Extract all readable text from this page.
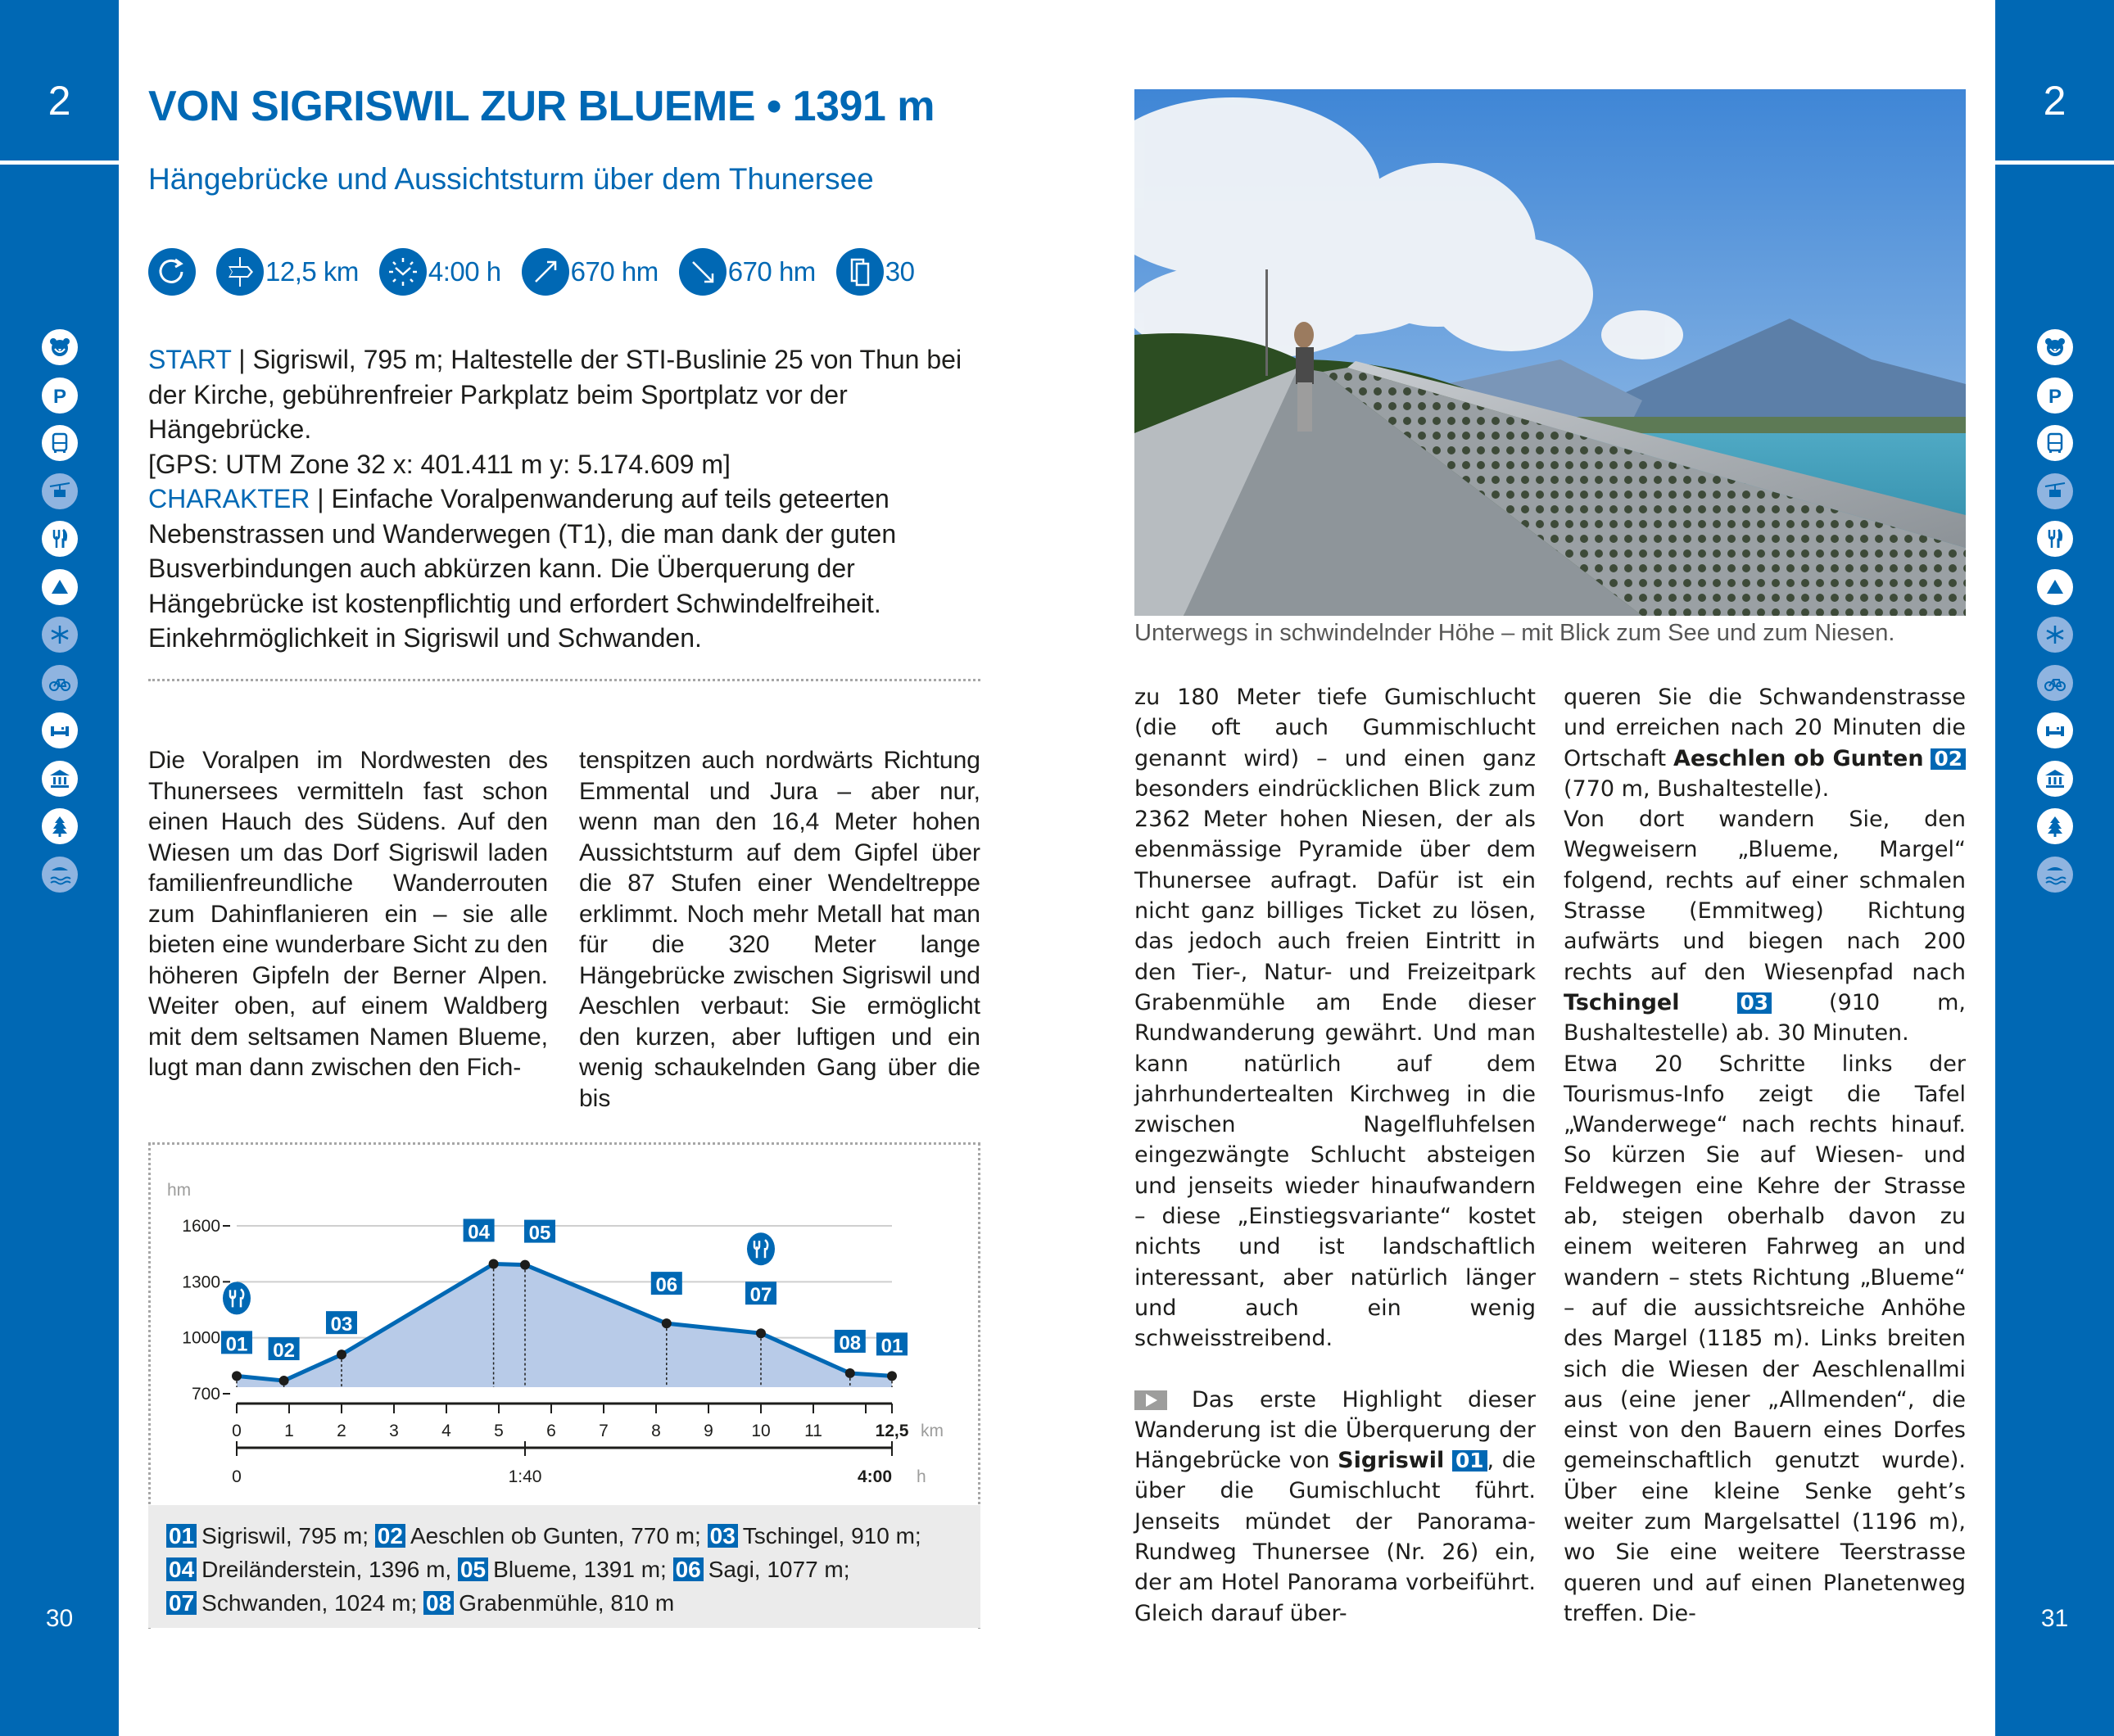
2
P
30
2
P
31
VON SIGRISWIL ZUR BLUEME • 1391 m
Hängebrücke und Aussichtsturm über dem Thunersee
12,5 km	4:00 h	670 hm	670 hm	30
START | Sigriswil, 795 m; Haltestelle der STI-Buslinie 25 von Thun bei der Kirche, gebührenfreier Parkplatz beim Sportplatz vor der Hängebrücke.
[GPS: UTM Zone 32 x: 401.411 m y: 5.174.609 m]
CHARAKTER | Einfache Voralpenwanderung auf teils geteerten Nebenstrassen und Wanderwegen (T1), die man dank der guten Busverbindungen auch abkürzen kann. Die Überquerung der Hängebrücke ist kostenpflichtig und erfordert Schwindelfreiheit. Einkehrmöglichkeit in Sigriswil und Schwanden.

Die Voralpen im Nordwesten des Thunersees vermitteln fast schon einen Hauch des Südens. Auf den Wiesen um das Dorf Sigriswil laden familienfreundliche Wanderrouten zum Dahinflanieren ein – sie alle bieten eine wunderbare Sicht zu den höheren Gipfeln der Berner Alpen. Weiter oben, auf einem Waldberg mit dem seltsamen Namen Blueme, lugt man dann zwischen den Fich-

tenspitzen auch nordwärts Richtung Emmental und Jura – aber nur, wenn man den 16,4 Meter hohen Aussichtsturm auf dem Gipfel über die 87 Stufen einer Wendeltreppe erklimmt. Noch mehr Metall hat man für die 320 Meter lange Hängebrücke zwischen Sigriswil und Aeschlen verbaut: Sie ermöglicht den kurzen, aber luftigen und ein wenig schaukelnden Gang über die bis

hm
700
1000
1300
1600
01 02
03
04 05
06	07
08 01
0 1 2 3 4 5 6 7 8 9 10 11	12,5 km
0	1:40	4:00 h
01 Sigriswil, 795 m; 02 Aeschlen ob Gunten, 770 m; 03 Tschingel, 910 m;
04 Dreiländerstein, 1396 m, 05 Blueme, 1391 m; 06 Sagi, 1077 m;
07 Schwanden, 1024 m; 08 Grabenmühle, 810 m
Unterwegs in schwindelnder Höhe – mit Blick zum See und zum Niesen.

zu 180 Meter tiefe Gumischlucht (die oft auch Gummischlucht genannt wird) – und einen ganz besonders eindrücklichen Blick zum 2362 Meter hohen Niesen, der als ebenmässige Pyramide über dem Thunersee aufragt. Dafür ist ein nicht ganz billiges Ticket zu lösen, das jedoch auch freien Eintritt in den Tier-, Natur- und Freizeitpark Grabenmühle am Ende dieser Rundwanderung gewährt. Und man kann natürlich auf dem jahrhundertealten Kirchweg in die zwischen Nagelfluhfelsen eingezwängte Schlucht absteigen und jenseits wieder hinaufwandern – diese „Einstiegsvariante“ kostet nichts und ist landschaftlich interessant, aber natürlich länger und auch ein wenig schweisstreibend.

Das erste Highlight dieser Wanderung ist die Überquerung der Hängebrücke von Sigriswil 01 , die über die Gumischlucht führt. Jenseits mündet der Panorama-Rundweg Thunersee (Nr. 26) ein, der am Hotel Panorama vorbeiführt. Gleich darauf über-

queren Sie die Schwandenstrasse und erreichen nach 20 Minuten die Ortschaft Aeschlen ob Gunten 02 (770 m, Bushaltestelle).

Von dort wandern Sie, den Wegweisern „Blueme, Margel“ folgend, rechts auf einer schmalen Strasse (Emmitweg) Richtung aufwärts und biegen nach 200 rechts auf den Wiesenpfad nach Tschingel	03 (910 m, Bushaltestelle) ab. 30 Minuten.

Etwa 20 Schritte links der Tourismus-Info zeigt die Tafel „Wanderwege“ nach rechts hinauf. So kürzen Sie auf Wiesen- und Feldwegen eine Kehre der Strasse ab, steigen oberhalb davon zu einem weiteren Fahrweg an und wandern – stets Richtung „Blueme“ – auf die aussichtsreiche Anhöhe des Margel (1185 m). Links breiten sich die Wiesen der Aeschlenallmi aus (eine jener „Allmenden“, die einst von den Bauern eines Dorfes gemeinschaftlich genutzt wurde). Über eine kleine Senke geht’s weiter zum Margelsattel (1196 m), wo Sie eine weitere Teerstrasse queren und auf einen Planetenweg treffen. Die-
